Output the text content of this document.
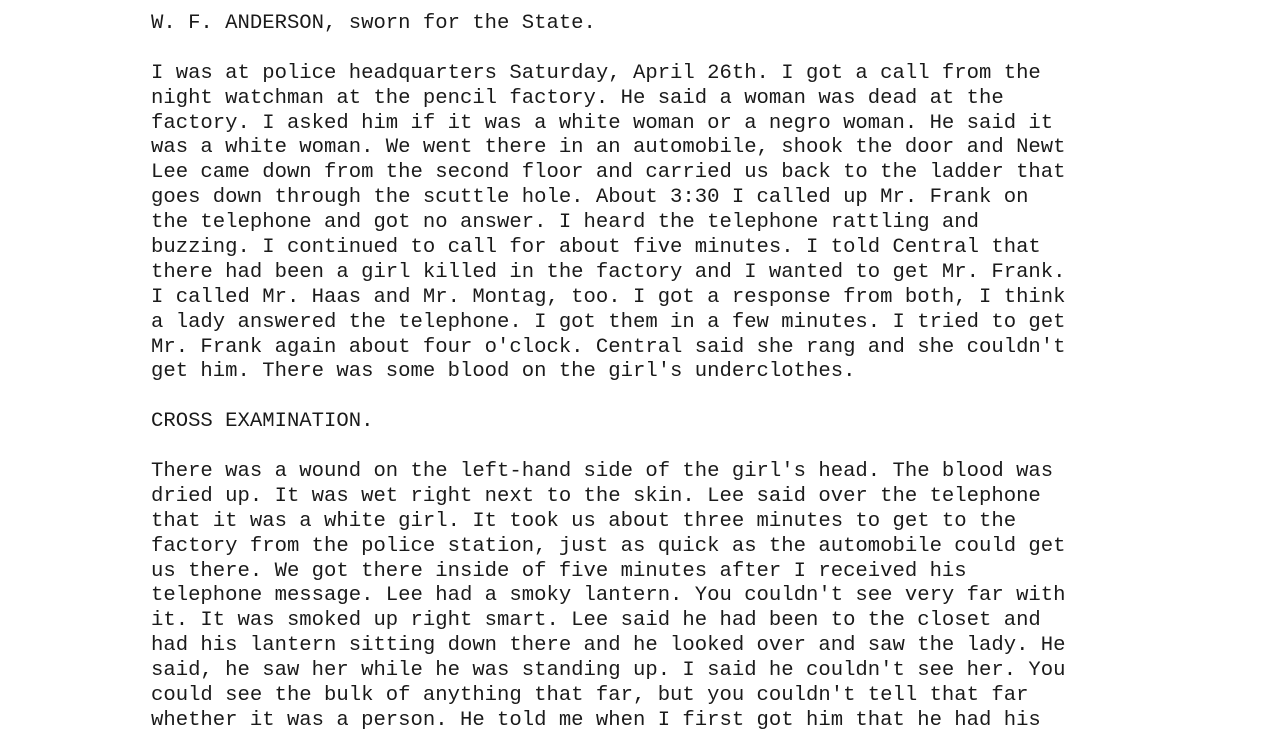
W. F. ANDERSON, sworn for the State.
I was at police headquarters Saturday, April 26th. I got a call from the
night watchman at the pencil factory. He said a woman was dead at the
factory. I asked him if it was a white woman or a negro woman. He said it
was a white woman. We went there in an automobile, shook the door and Newt
Lee came down from the second floor and carried us back to the ladder that
goes down through the scuttle hole. About 3:30 I called up Mr. Frank on
the telephone and got no answer. I heard the telephone rattling and
buzzing. I continued to call for about five minutes. I told Central that
there had been a girl killed in the factory and I wanted to get Mr. Frank.
I called Mr. Haas and Mr. Montag, too. I got a response from both, I think
a lady answered the telephone. I got them in a few minutes. I tried to get
Mr. Frank again about four o'clock. Central said she rang and she couldn't
get him. There was some blood on the girl's underclothes.
CROSS EXAMINATION.
There was a wound on the left-hand side of the girl's head. The blood was
dried up. It was wet right next to the skin. Lee said over the telephone
that it was a white girl. It took us about three minutes to get to the
factory from the police station, just as quick as the automobile could get
us there. We got there inside of five minutes after I received his
telephone message. Lee had a smoky lantern. You couldn't see very far with
it. It was smoked up right smart. Lee said he had been to the closet and
had his lantern sitting down there and he looked over and saw the lady. He
said, he saw her while he was standing up. I said he couldn't see her. You
could see the bulk of anything that far, but you couldn't tell that far
whether it was a person. He told me when I first got him that he had his
